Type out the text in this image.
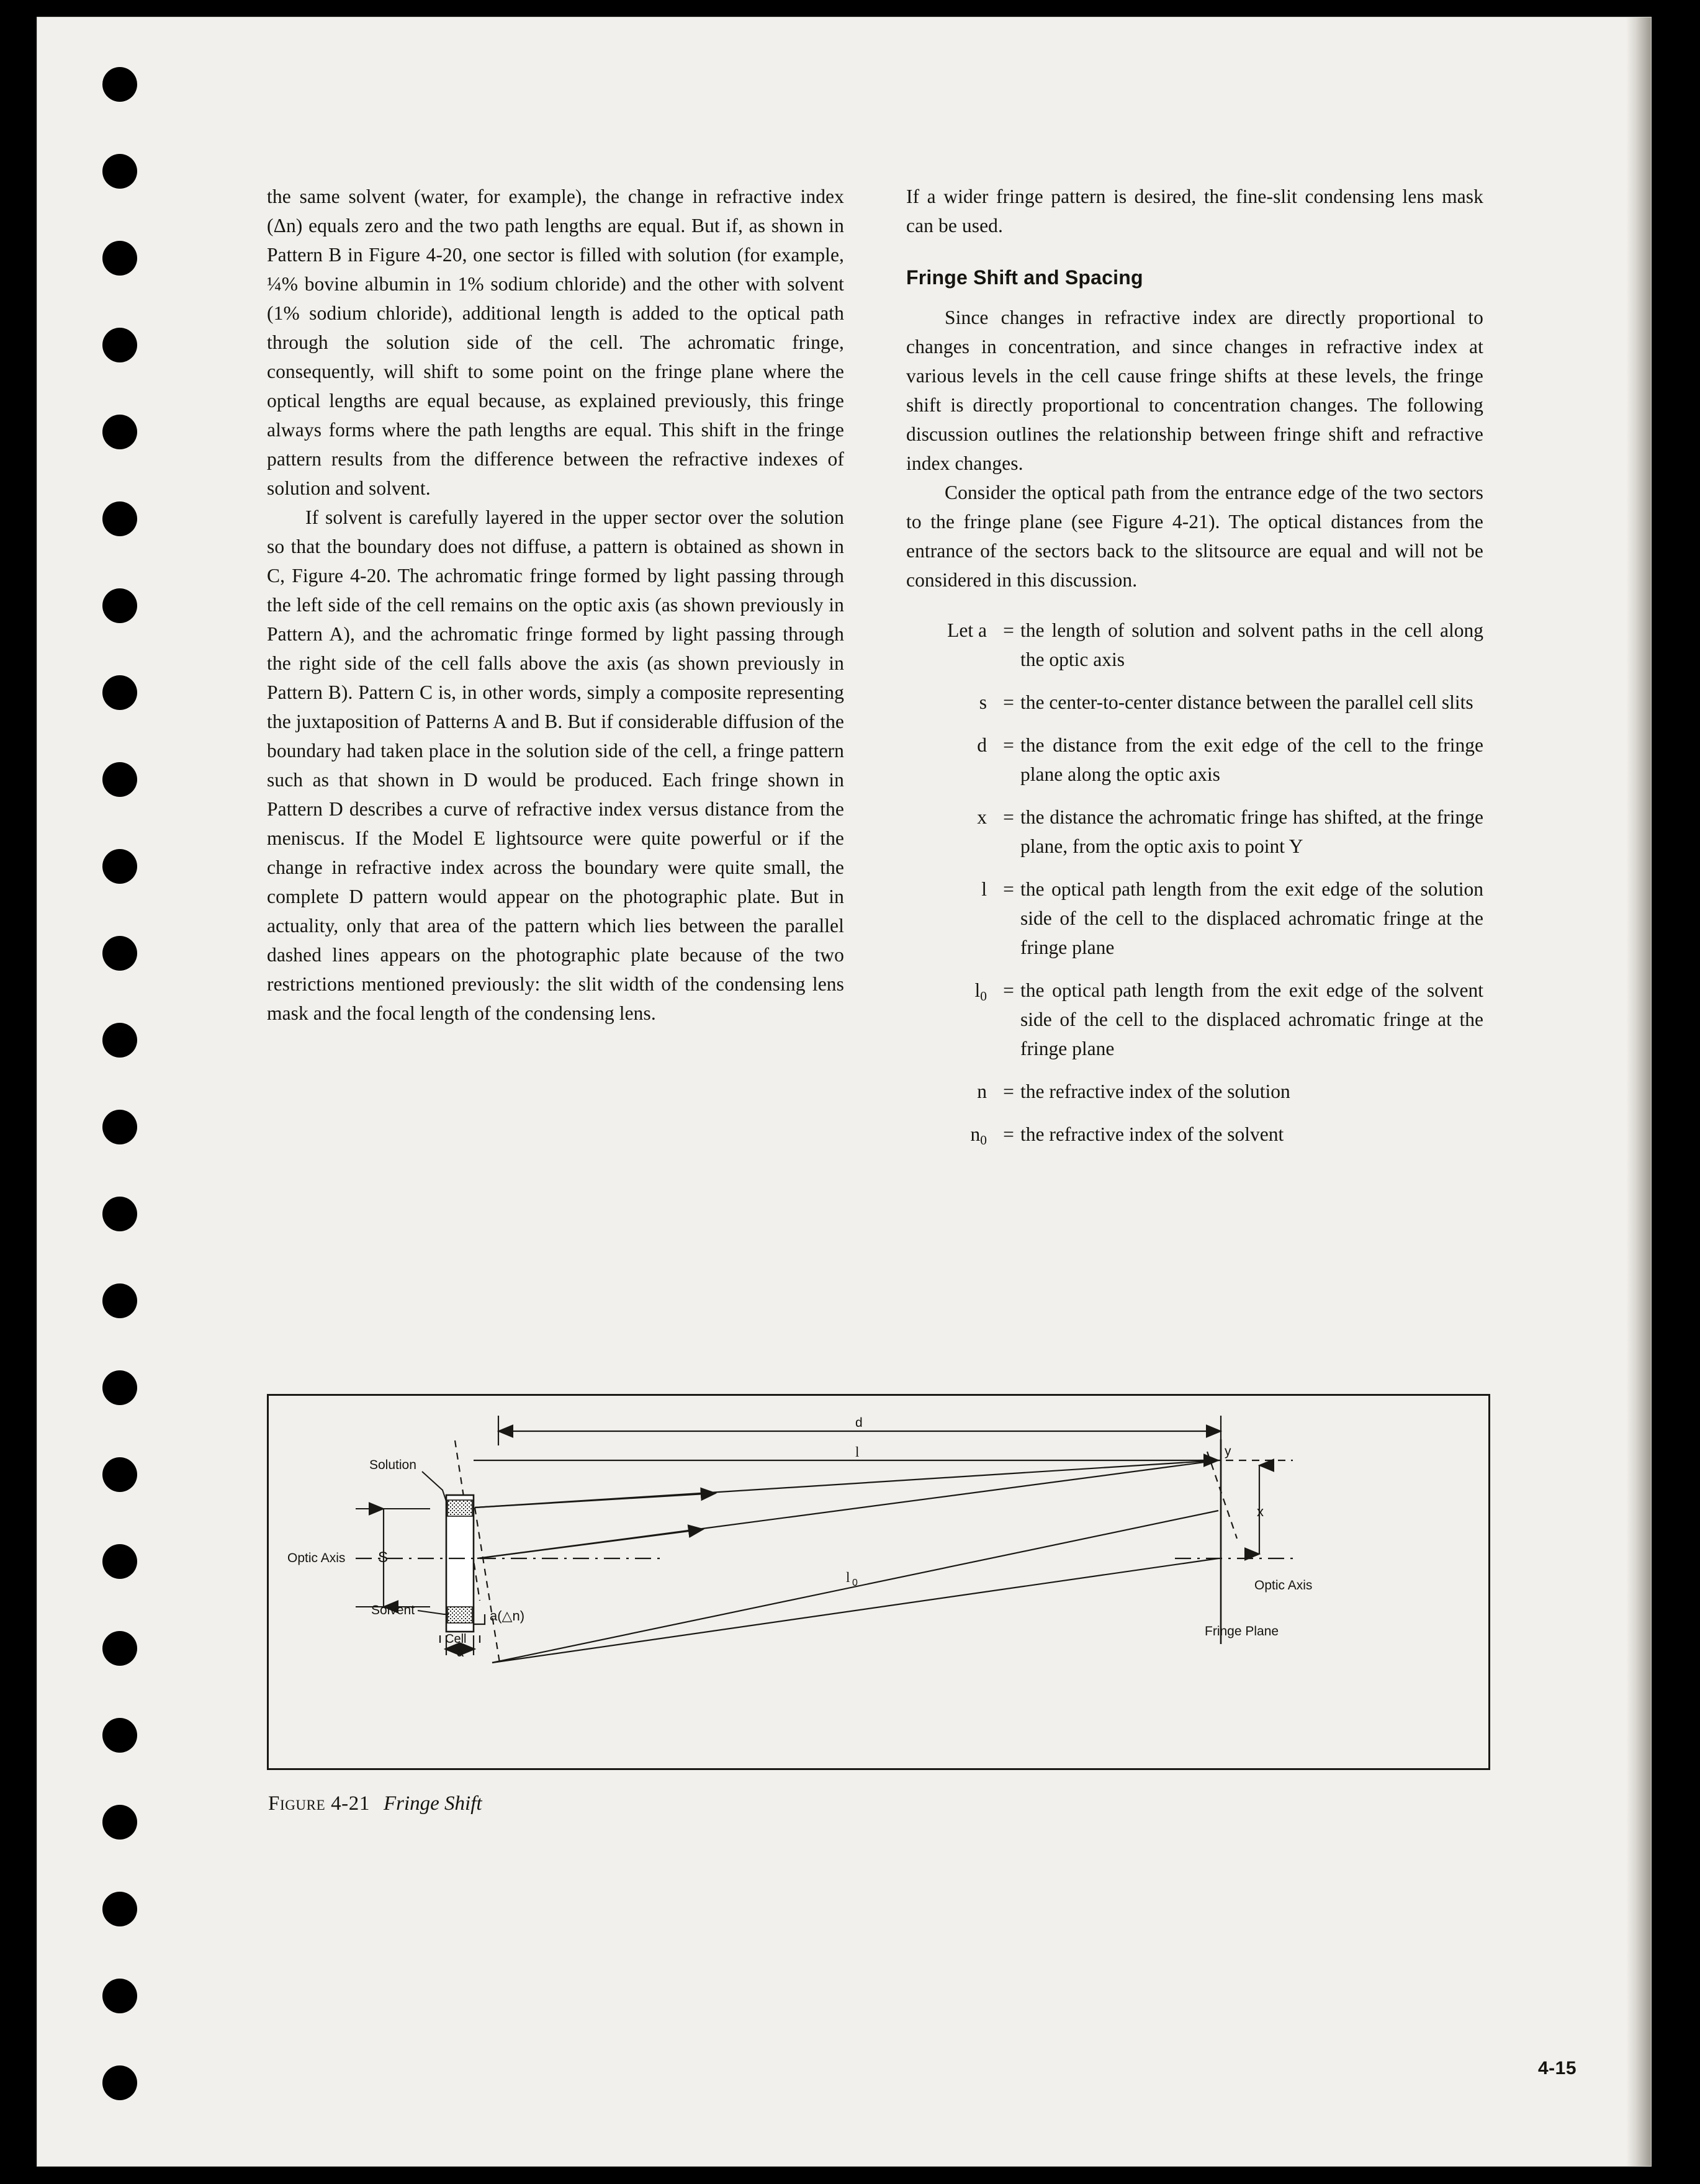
the same solvent (water, for example), the change in refractive index (Δn) equals zero and the two path lengths are equal. But if, as shown in Pattern B in Figure 4-20, one sector is filled with solution (for example, ¼% bovine albumin in 1% sodium chloride) and the other with solvent (1% sodium chloride), additional length is added to the optical path through the solution side of the cell. The achromatic fringe, consequently, will shift to some point on the fringe plane where the optical lengths are equal because, as explained previously, this fringe always forms where the path lengths are equal. This shift in the fringe pattern results from the difference between the refractive indexes of solution and solvent.

If solvent is carefully layered in the upper sector over the solution so that the boundary does not diffuse, a pattern is obtained as shown in C, Figure 4-20. The achromatic fringe formed by light passing through the left side of the cell remains on the optic axis (as shown previously in Pattern A), and the achromatic fringe formed by light passing through the right side of the cell falls above the axis (as shown previously in Pattern B). Pattern C is, in other words, simply a composite representing the juxtaposition of Patterns A and B. But if considerable diffusion of the boundary had taken place in the solution side of the cell, a fringe pattern such as that shown in D would be produced. Each fringe shown in Pattern D describes a curve of refractive index versus distance from the meniscus. If the Model E lightsource were quite powerful or if the change in refractive index across the boundary were quite small, the complete D pattern would appear on the photographic plate. But in actuality, only that area of the pattern which lies between the parallel dashed lines appears on the photographic plate because of the two restrictions mentioned previously: the slit width of the condensing lens mask and the focal length of the condensing lens.

If a wider fringe pattern is desired, the fine-slit condensing lens mask can be used.

Fringe Shift and Spacing

Since changes in refractive index are directly proportional to changes in concentration, and since changes in refractive index at various levels in the cell cause fringe shifts at these levels, the fringe shift is directly proportional to concentration changes. The following discussion outlines the relationship between fringe shift and refractive index changes.

Consider the optical path from the entrance edge of the two sectors to the fringe plane (see Figure 4-21). The optical distances from the entrance of the sectors back to the slitsource are equal and will not be considered in this discussion.

Let a = the length of solution and solvent paths in the cell along the optic axis
s = the center-to-center distance between the parallel cell slits
d = the distance from the exit edge of the cell to the fringe plane along the optic axis
x = the distance the achromatic fringe has shifted, at the fringe plane, from the optic axis to point Y
l = the optical path length from the exit edge of the solution side of the cell to the displaced achromatic fringe at the fringe plane
$l_0$ = the optical path length from the exit edge of the solvent side of the cell to the displaced achromatic fringe at the fringe plane
n = the refractive index of the solution
$n_0$ = the refractive index of the solvent
d
l
l 0
Solution
Solvent
Optic Axis S
a(△n)
Cell
a
x
y
Optic Axis
Fringe Plane
Figure 4-21 Fringe Shift
4-15
